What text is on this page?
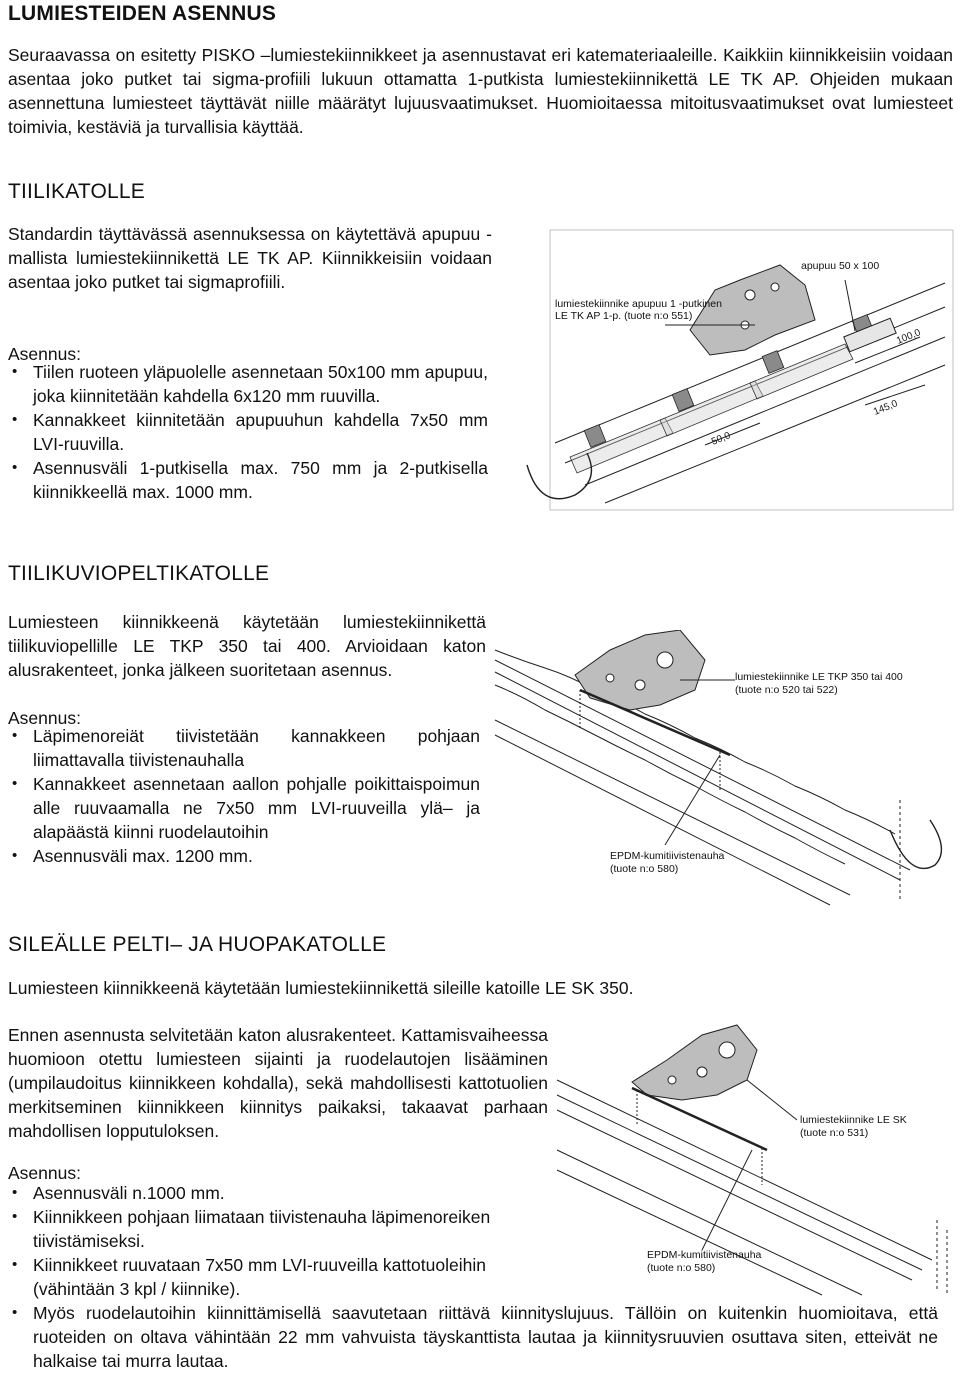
LUMIESTEIDEN ASENNUS
Seuraavassa on esitetty PISKO –lumiestekiinnikkeet ja asennustavat eri katemateriaaleille. Kaikkiin kiinnikkeisiin voidaan asentaa joko putket tai sigma-profiili lukuun ottamatta 1-putkista lumiestekiinnikettä LE TK AP. Ohjeiden mukaan asennettuna lumiesteet täyttävät niille määrätyt lujuusvaatimukset. Huomioitaessa mitoitusvaatimukset ovat lumiesteet toimivia, kestäviä ja turvallisia käyttää.
TIILIKATOLLE
Standardin täyttävässä asennuksessa on käytettävä apupuu -mallista lumiestekiinnikettä LE TK AP. Kiinnikkeisiin voidaan asentaa joko putket tai sigmaprofiili.
Asennus:
• Tiilen ruoteen yläpuolelle asennetaan 50x100 mm apupuu, joka kiinnitetään kahdella 6x120 mm ruuvilla.
• Kannakkeet kiinnitetään apupuuhun kahdella 7x50 mm LVI-ruuvilla.
• Asennusväli 1-putkisella max. 750 mm ja 2-putkisella kiinnikkeellä max. 1000 mm.
100,0
145,0
50,0
apupuu 50 x 100
lumiestekiinnike apupuu 1 -putkinen
LE TK AP 1-p. (tuote n:o 551)
TIILIKUVIOPELTIKATOLLE
Lumiesteen kiinnikkeenä käytetään lumiestekiinnikettä tiilikuviopellille LE TKP 350 tai 400. Arvioidaan katon alusrakenteet, jonka jälkeen suoritetaan asennus.
Asennus:
• Läpimenoreiät tiivistetään kannakkeen pohjaan liimattavalla tiivistenauhalla
• Kannakkeet asennetaan aallon pohjalle poikittaispoimun alle ruuvaamalla ne 7x50 mm LVI-ruuveilla ylä– ja alapäästä kiinni ruodelautoihin
• Asennusväli max. 1200 mm.
lumiestekiinnike LE TKP 350 tai 400
(tuote n:o 520 tai 522)
EPDM-kumitiivistenauha
(tuote n:o 580)
SILEÄLLE PELTI– JA HUOPAKATOLLE
Lumiesteen kiinnikkeenä käytetään lumiestekiinnikettä sileille katoille LE SK 350.
Ennen asennusta selvitetään katon alusrakenteet. Kattamisvaiheessa huomioon otettu lumiesteen sijainti ja ruodelautojen lisääminen (umpilaudoitus kiinnikkeen kohdalla), sekä mahdollisesti kattotuolien merkitseminen kiinnikkeen kiinnitys paikaksi, takaavat parhaan mahdollisen lopputuloksen.
Asennus:
• Asennusväli n.1000 mm.
• Kiinnikkeen pohjaan liimataan tiivistenauha läpimenoreiken tiivistämiseksi.
• Kiinnikkeet ruuvataan 7x50 mm LVI-ruuveilla kattotuoleihin (vähintään 3 kpl / kiinnike).
• Myös ruodelautoihin kiinnittämisellä saavutetaan riittävä kiinnityslujuus. Tällöin on kuitenkin huomioitava, että ruoteiden on oltava vähintään 22 mm vahvuista täyskanttista lautaa ja kiinnitysruuvien osuttava siten, etteivät ne halkaise tai murra lautaa.
lumiestekiinnike LE SK
(tuote n:o 531)
EPDM-kumitiivistenauha
(tuote n:o 580)
